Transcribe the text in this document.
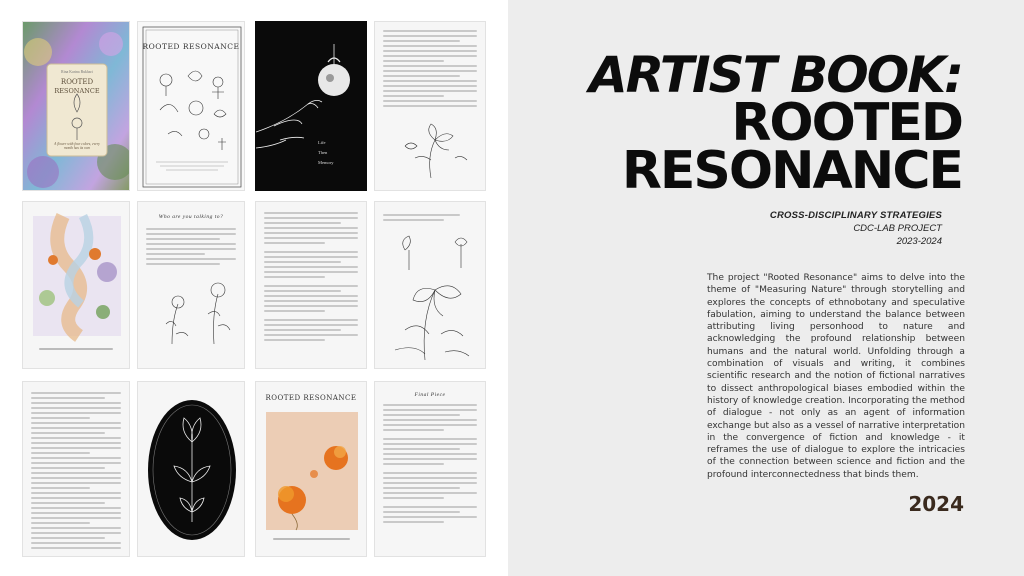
Rina Karina Bukhari
ROOTED
RESONANCE
A flower with four colors, every month has its own
ROOTED RESONANCE
Life
Then
Memory
Who are you talking to?
ROOTED RESONANCE	Final Piece
ARTIST BOOK:
ROOTED
RESONANCE
CROSS-DISCIPLINARY STRATEGIES
CDC-LAB PROJECT
2023-2024
The project "Rooted Resonance" aims to delve into the theme of "Measuring Nature" through storytelling and explores the concepts of ethnobotany and speculative fabulation, aiming to understand the balance between attributing living personhood to nature and acknowledging the profound relationship between humans and the natural world. Unfolding through a combination of visuals and writing, it combines scientific research and the notion of fictional narratives to dissect anthropological biases embodied within the history of knowledge creation. Incorporating the method of dialogue - not only as an agent of information exchange but also as a vessel of narrative interpretation in the convergence of fiction and knowledge - it reframes the use of dialogue to explore the intricacies of the connection between science and fiction and the profound interconnectedness that binds them.
2024
